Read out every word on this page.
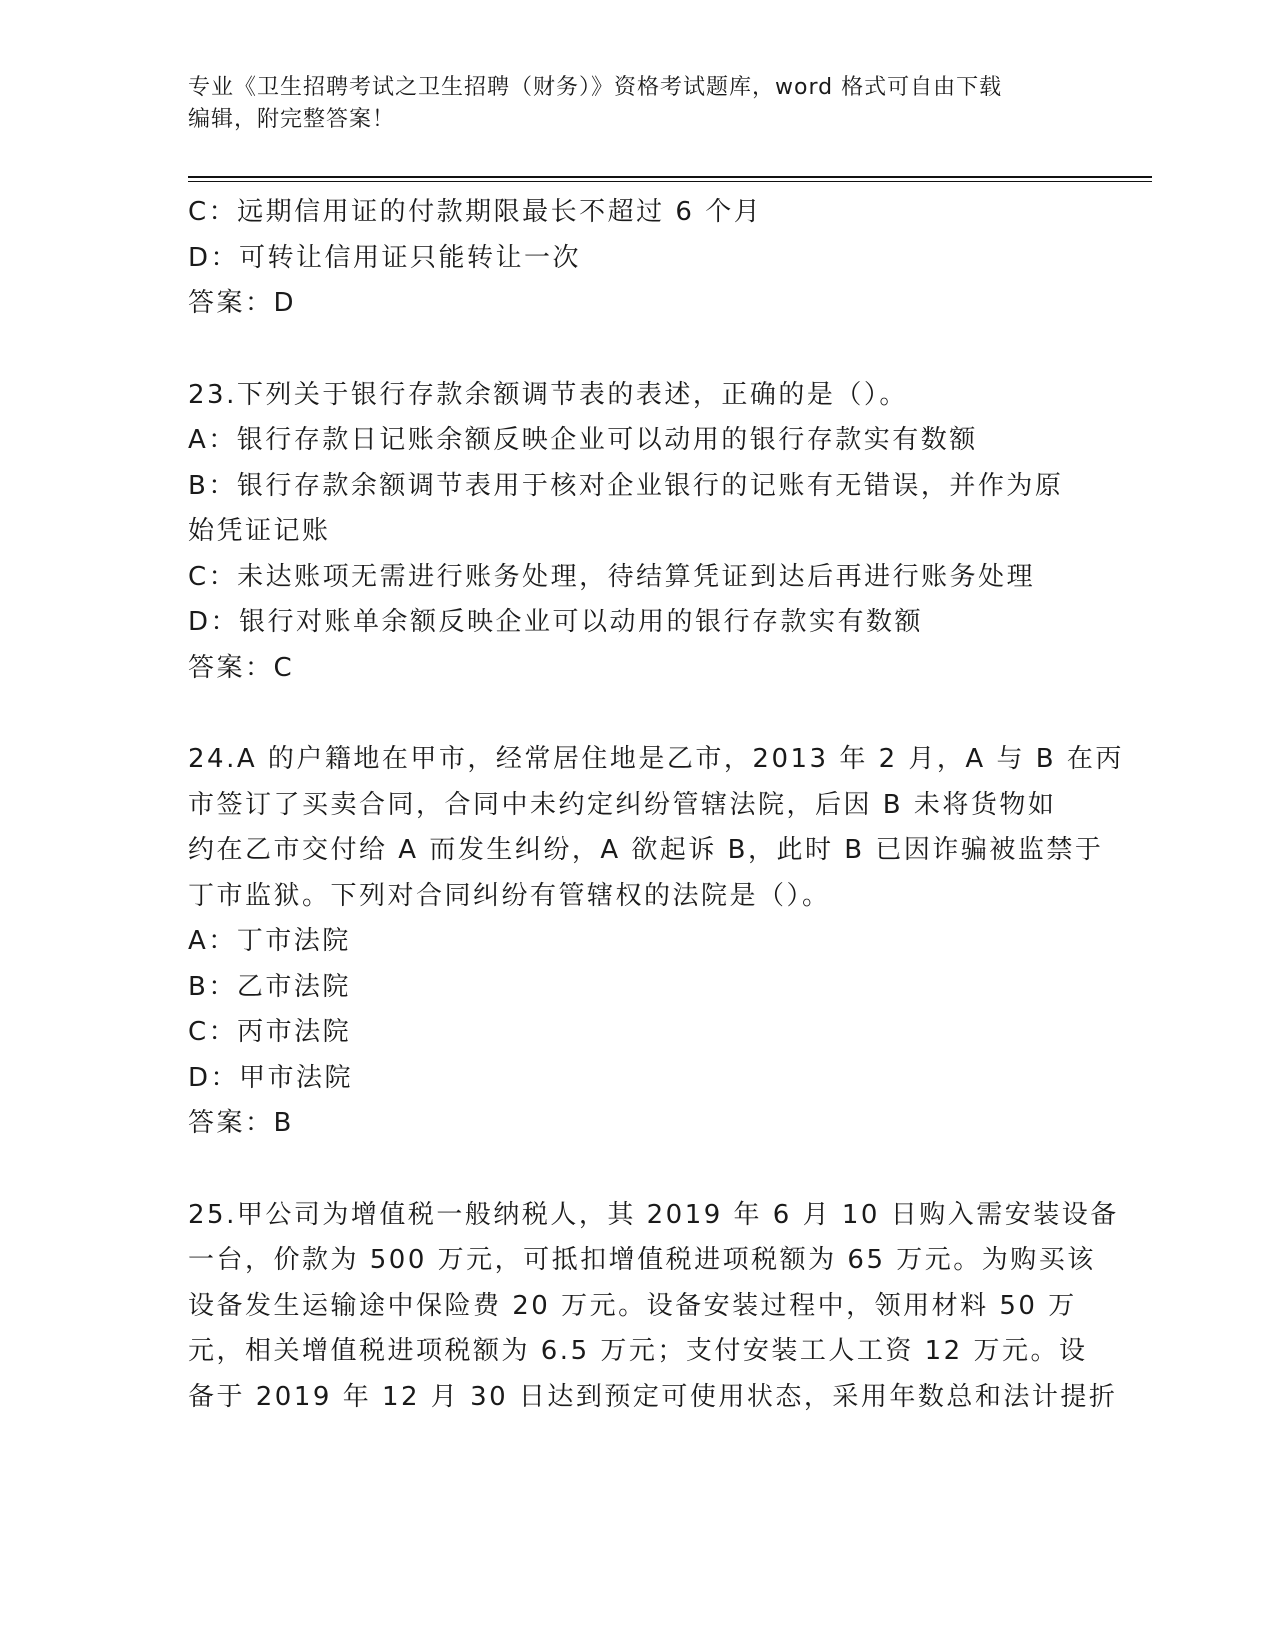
专业《卫生招聘考试之卫生招聘（财务）》资格考试题库，word 格式可自由下载
编辑，附完整答案！
C：远期信用证的付款期限最长不超过 6 个月
D：可转让信用证只能转让一次
答案：D
23.下列关于银行存款余额调节表的表述，正确的是（）。
A：银行存款日记账余额反映企业可以动用的银行存款实有数额
B：银行存款余额调节表用于核对企业银行的记账有无错误，并作为原
始凭证记账
C：未达账项无需进行账务处理，待结算凭证到达后再进行账务处理
D：银行对账单余额反映企业可以动用的银行存款实有数额
答案：C
24.A 的户籍地在甲市，经常居住地是乙市，2013 年 2 月，A 与 B 在丙
市签订了买卖合同，合同中未约定纠纷管辖法院，后因 B 未将货物如
约在乙市交付给 A 而发生纠纷，A 欲起诉 B，此时 B 已因诈骗被监禁于
丁市监狱。下列对合同纠纷有管辖权的法院是（）。
A：丁市法院
B：乙市法院
C：丙市法院
D：甲市法院
答案：B
25.甲公司为增值税一般纳税人，其 2019 年 6 月 10 日购入需安装设备
一台，价款为 500 万元，可抵扣增值税进项税额为 65 万元。为购买该
设备发生运输途中保险费 20 万元。设备安装过程中，领用材料 50 万
元，相关增值税进项税额为 6.5 万元；支付安装工人工资 12 万元。设
备于 2019 年 12 月 30 日达到预定可使用状态，采用年数总和法计提折
